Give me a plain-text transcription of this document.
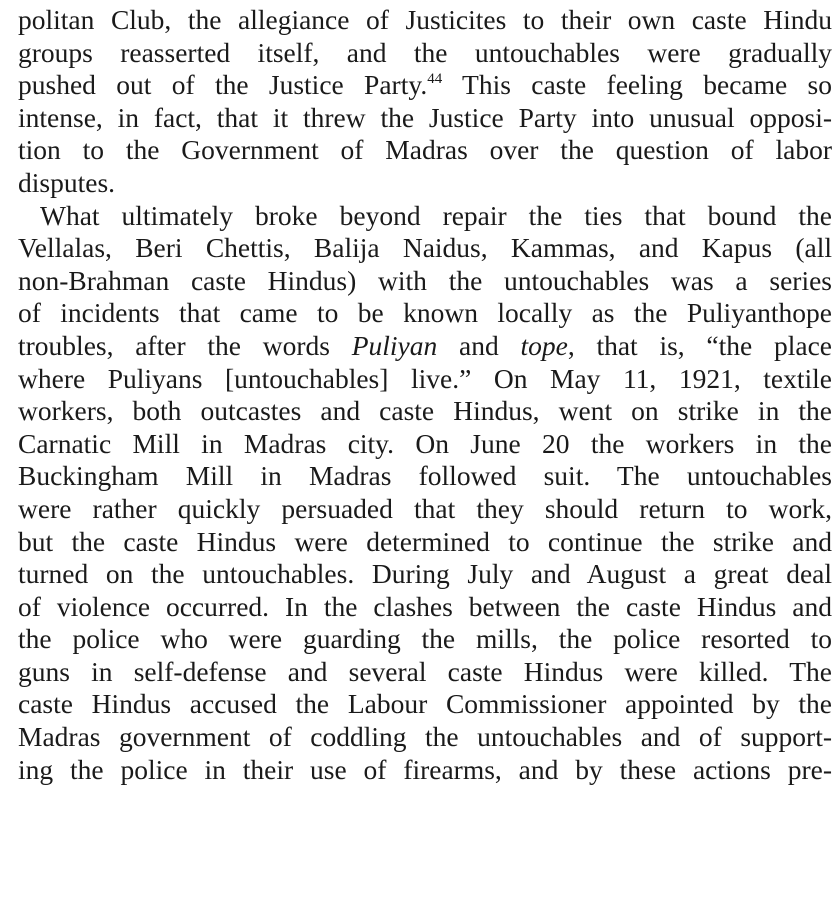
politan Club, the allegiance of Justicites to their own caste Hindu
groups reasserted itself, and the untouchables were gradually
pushed out of the Justice Party.$^{44}$ This caste feeling became so
intense, in fact, that it threw the Justice Party into unusual opposi-
tion to the Government of Madras over the question of labor
disputes.

What ultimately broke beyond repair the ties that bound the
Vellalas, Beri Chettis, Balija Naidus, Kammas, and Kapus (all
non-Brahman caste Hindus) with the untouchables was a series
of incidents that came to be known locally as the Puliyanthope
troubles, after the words Puliyan and tope, that is, “the place
where Puliyans [untouchables] live.” On May 11, 1921, textile
workers, both outcastes and caste Hindus, went on strike in the
Carnatic Mill in Madras city. On June 20 the workers in the
Buckingham Mill in Madras followed suit. The untouchables
were rather quickly persuaded that they should return to work,
but the caste Hindus were determined to continue the strike and
turned on the untouchables. During July and August a great deal
of violence occurred. In the clashes between the caste Hindus and
the police who were guarding the mills, the police resorted to
guns in self-defense and several caste Hindus were killed. The
caste Hindus accused the Labour Commissioner appointed by the
Madras government of coddling the untouchables and of support-
ing the police in their use of firearms, and by these actions pre-
